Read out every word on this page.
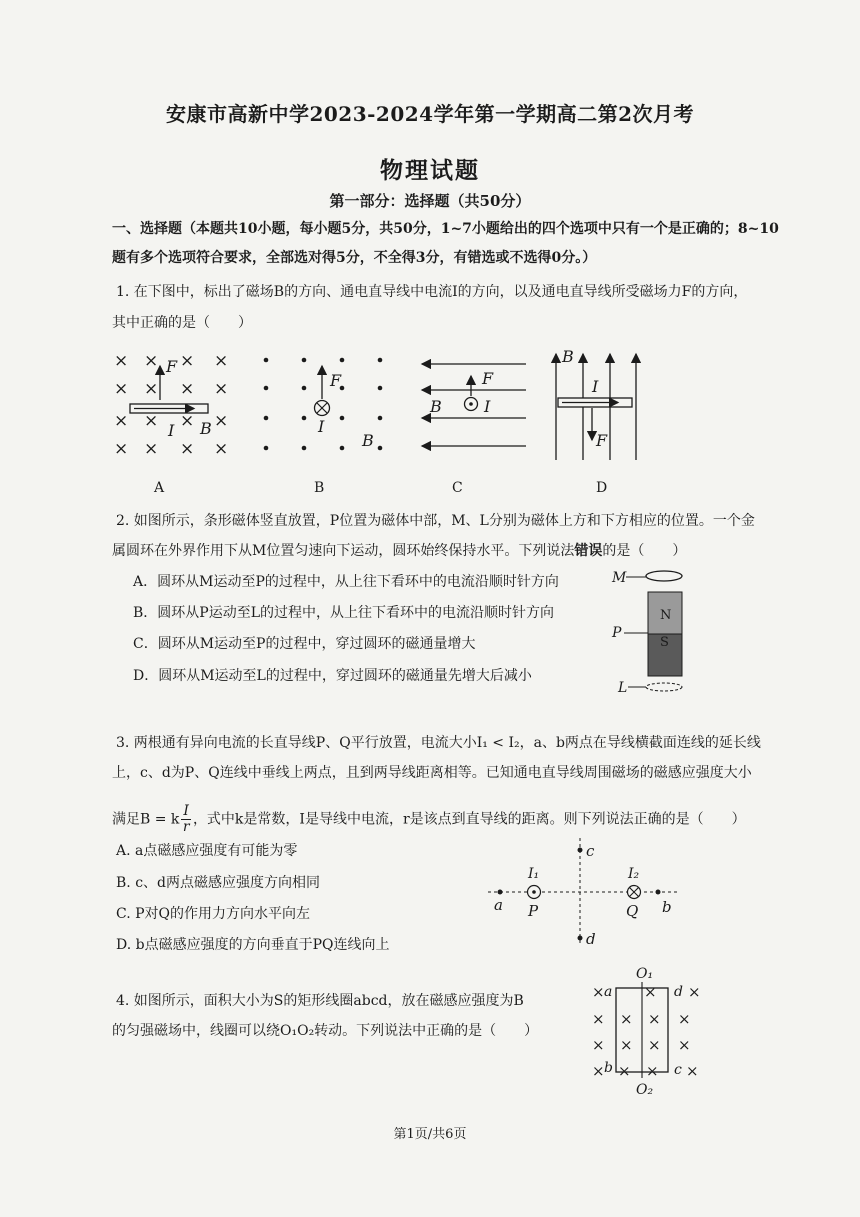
安康市高新中学2023-2024学年第一学期高二第2次月考
物理试题
第一部分：选择题（共50分）
一、选择题（本题共10小题，每小题5分，共50分，1~7小题给出的四个选项中只有一个是正确的；8~10
题有多个选项符合要求，全部选对得5分，不全得3分，有错选或不选得0分。）
1. 在下图中，标出了磁场B的方向、通电直导线中电流I的方向，以及通电直导线所受磁场力F的方向，
其中正确的是（　　）
× × × ×
× × × ×
× × × ×
× × × ×
F
I B
F
I
B
F
B	I
B
I
F
A	B	C	D
2. 如图所示，条形磁体竖直放置，P位置为磁体中部，M、L分别为磁体上方和下方相应的位置。一个金
属圆环在外界作用下从M位置匀速向下运动，圆环始终保持水平。下列说法错误的是（　　）
A．圆环从M运动至P的过程中，从上往下看环中的电流沿顺时针方向
B．圆环从P运动至L的过程中，从上往下看环中的电流沿顺时针方向
C．圆环从M运动至P的过程中，穿过圆环的磁通量增大
D．圆环从M运动至L的过程中，穿过圆环的磁通量先增大后减小
M
N
S
P
L
3. 两根通有异向电流的长直导线P、Q平行放置，电流大小I₁ < I₂，a、b两点在导线横截面连线的延长线
上，c、d为P、Q连线中垂线上两点，且到两导线距离相等。已知通电直导线周围磁场的磁感应强度大小
满足B = k $\frac{I}{r}$ ，式中k是常数，I是导线中电流，r是该点到直导线的距离。则下列说法正确的是（　　）
A. a点磁感应强度有可能为零
B. c、d两点磁感应强度方向相同
C. P对Q的作用力方向水平向左
D. b点磁感应强度的方向垂直于PQ连线向上
c
d
a	b
P	Q
I₁	I₂
4. 如图所示，面积大小为S的矩形线圈abcd，放在磁感应强度为B
的匀强磁场中，线圈可以绕O₁O₂转动。下列说法中正确的是（　　）
O₁
O₂
×	× ×
× × × ×
× × × ×
× × × ×
a	d
b	c
第1页/共6页
